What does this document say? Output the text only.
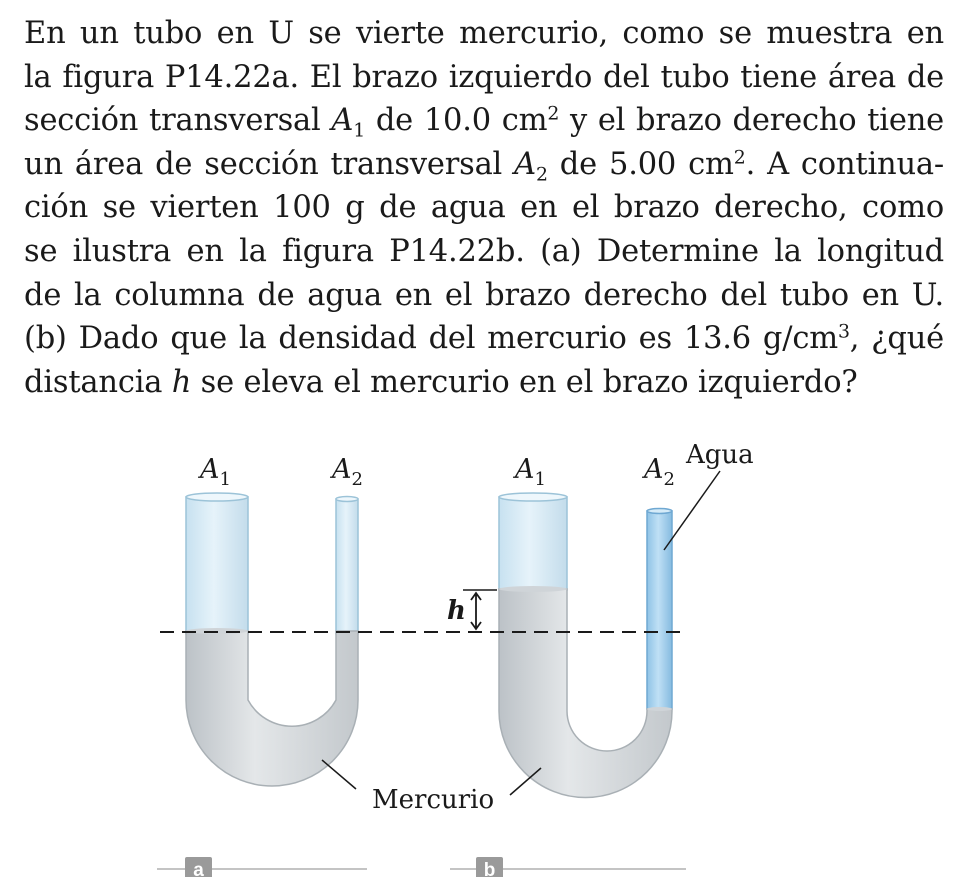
En un tubo en U se vierte mercurio, como se muestra en
la figura P14.22a. El brazo izquierdo del tubo tiene área de
sección transversal $A_1$ de 10.0 $cm^2$ y el brazo derecho tiene
un área de sección transversal $A_2$ de 5.00 $cm^2$. A continua-
ción se vierten 100 g de agua en el brazo derecho, como
se ilustra en la figura P14.22b. (a) Determine la longitud
de la columna de agua en el brazo derecho del tubo en U.
(b) Dado que la densidad del mercurio es 13.6 $g/cm^3$, ¿qué
distancia h se eleva el mercurio en el brazo izquierdo?
$A_1$	$A_2$	$A_1$	$A_2$
Agua
h
Mercurio
a	b
